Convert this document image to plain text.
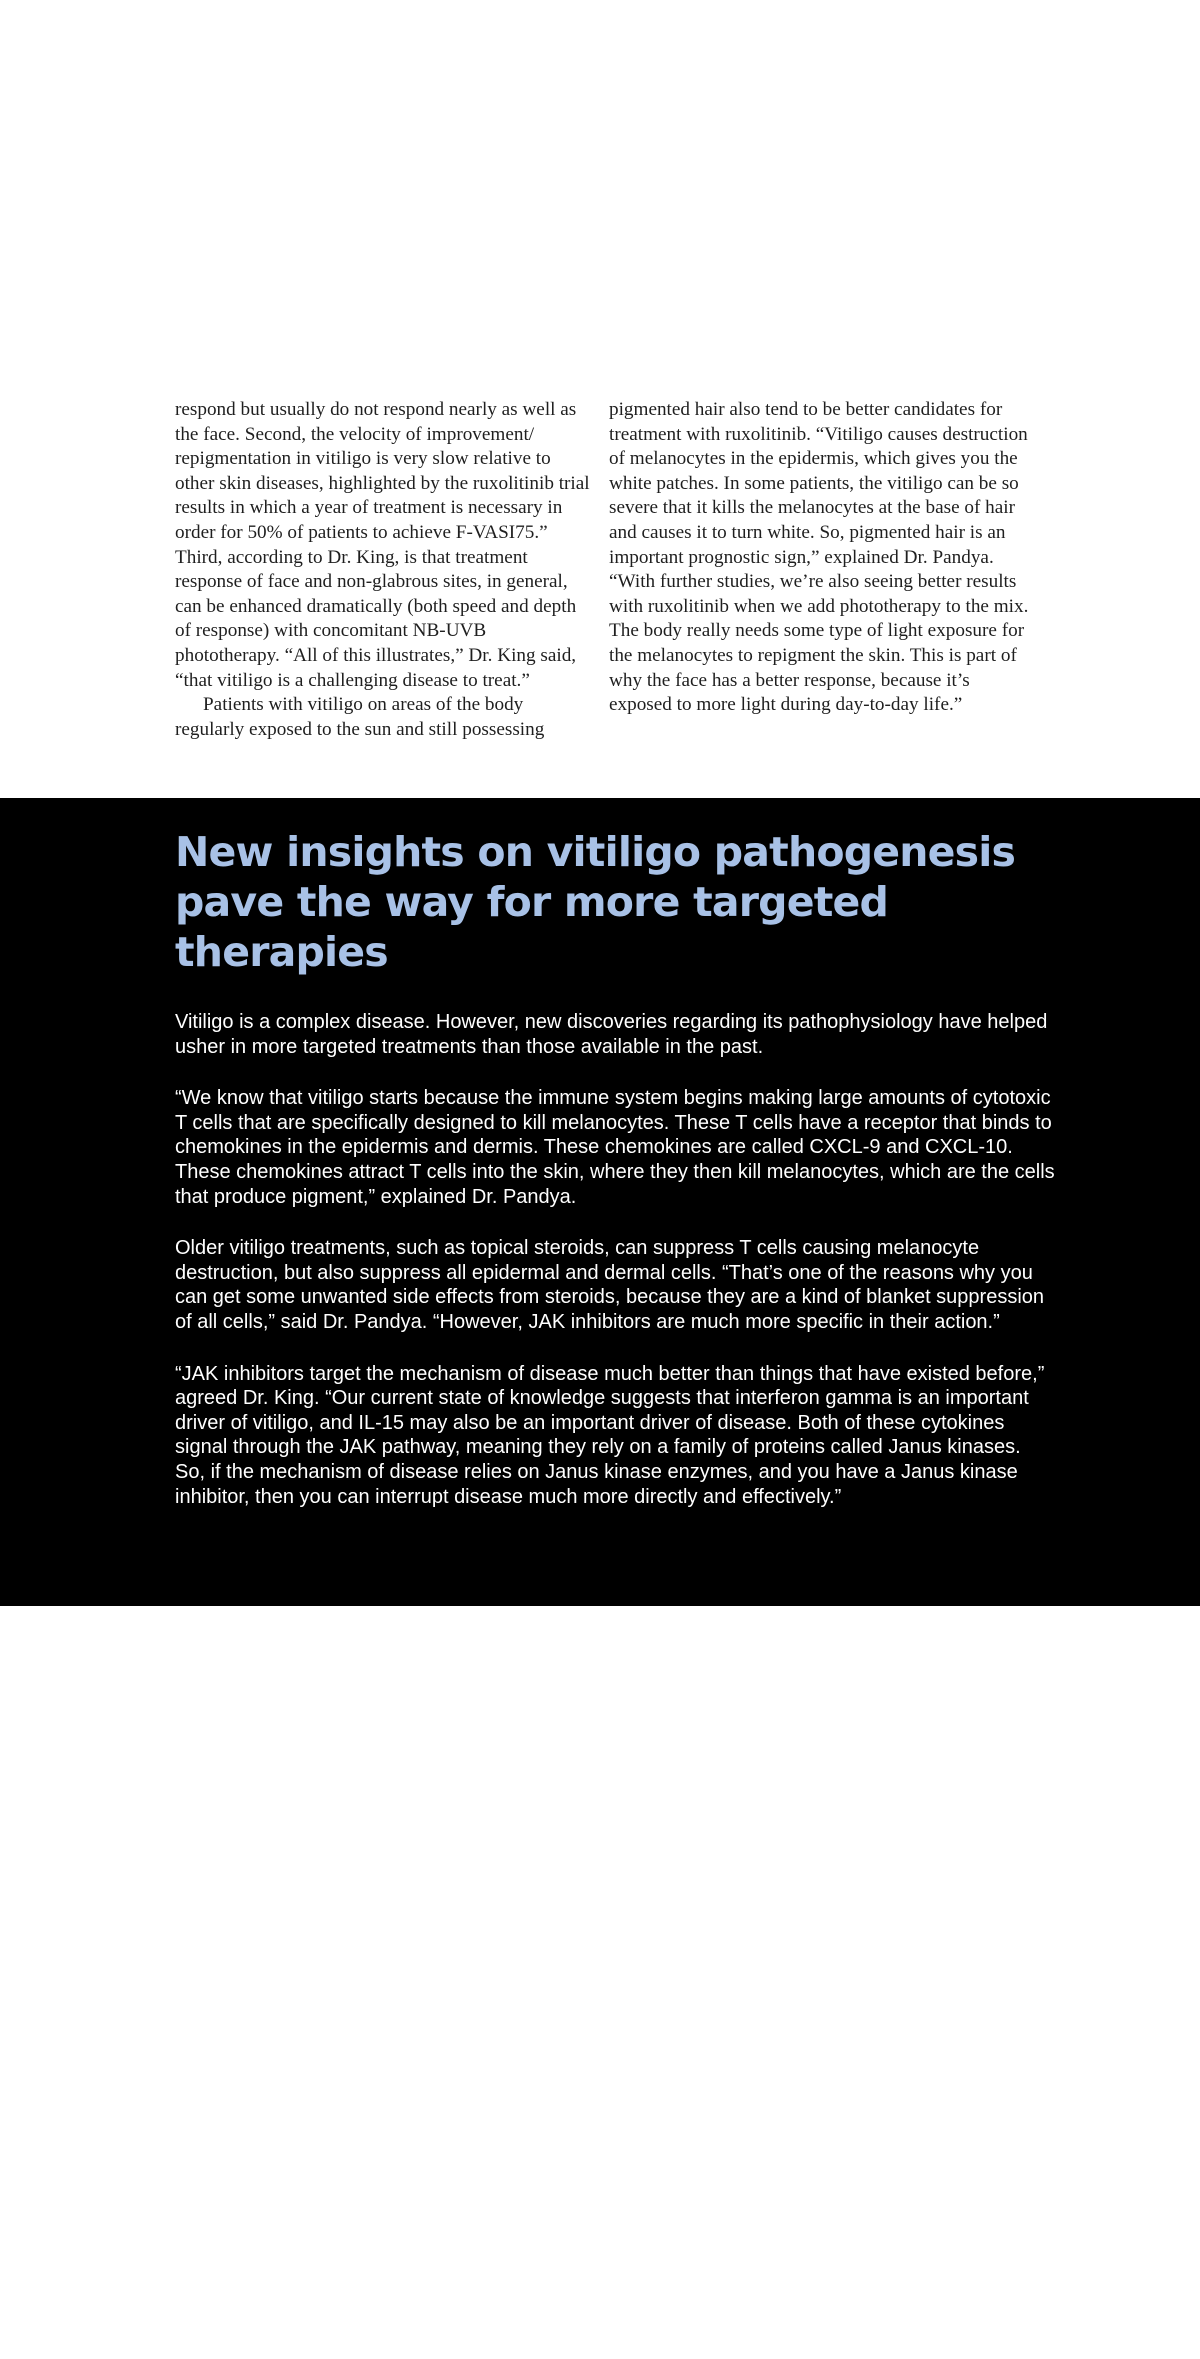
respond but usually do not respond nearly as well as the face. Second, the velocity of improvement/ repigmentation in vitiligo is very slow relative to other skin diseases, highlighted by the ruxolitinib trial results in which a year of treatment is necessary in order for 50% of patients to achieve F-VASI75.” Third, according to Dr. King, is that treatment response of face and non-glabrous sites, in general, can be enhanced dramatically (both speed and depth of response) with concomitant NB-UVB phototherapy. “All of this illustrates,” Dr. King said, “that vitiligo is a challenging disease to treat.”

Patients with vitiligo on areas of the body regularly exposed to the sun and still possessing

pigmented hair also tend to be better candidates for treatment with ruxolitinib. “Vitiligo causes destruction of melanocytes in the epidermis, which gives you the white patches. In some patients, the vitiligo can be so severe that it kills the melanocytes at the base of hair and causes it to turn white. So, pigmented hair is an important prognostic sign,” explained Dr. Pandya. “With further studies, we’re also seeing better results with ruxolitinib when we add phototherapy to the mix. The body really needs some type of light exposure for the melanocytes to repigment the skin. This is part of why the face has a better response, because it’s exposed to more light during day-to-day life.”

New insights on vitiligo pathogenesis pave the way for more targeted therapies

Vitiligo is a complex disease. However, new discoveries regarding its pathophysiology have helped usher in more targeted treatments than those available in the past.

“We know that vitiligo starts because the immune system begins making large amounts of cytotoxic T cells that are specifically designed to kill melanocytes. These T cells have a receptor that binds to chemokines in the epidermis and dermis. These chemokines are called CXCL-9 and CXCL-10. These chemokines attract T cells into the skin, where they then kill melanocytes, which are the cells that produce pigment,” explained Dr. Pandya.

Older vitiligo treatments, such as topical steroids, can suppress T cells causing melanocyte destruction, but also suppress all epidermal and dermal cells. “That’s one of the reasons why you can get some unwanted side effects from steroids, because they are a kind of blanket suppression of all cells,” said Dr. Pandya. “However, JAK inhibitors are much more specific in their action.”

“JAK inhibitors target the mechanism of disease much better than things that have existed before,” agreed Dr. King. “Our current state of knowledge suggests that interferon gamma is an important driver of vitiligo, and IL-15 may also be an important driver of disease. Both of these cytokines signal through the JAK pathway, meaning they rely on a family of proteins called Janus kinases. So, if the mechanism of disease relies on Janus kinase enzymes, and you have a Janus kinase inhibitor, then you can interrupt disease much more directly and effectively.”

A Publication of the American Aacademy of Dermatology | Association	DERMATOLOGY WORLD // March 2024 27
